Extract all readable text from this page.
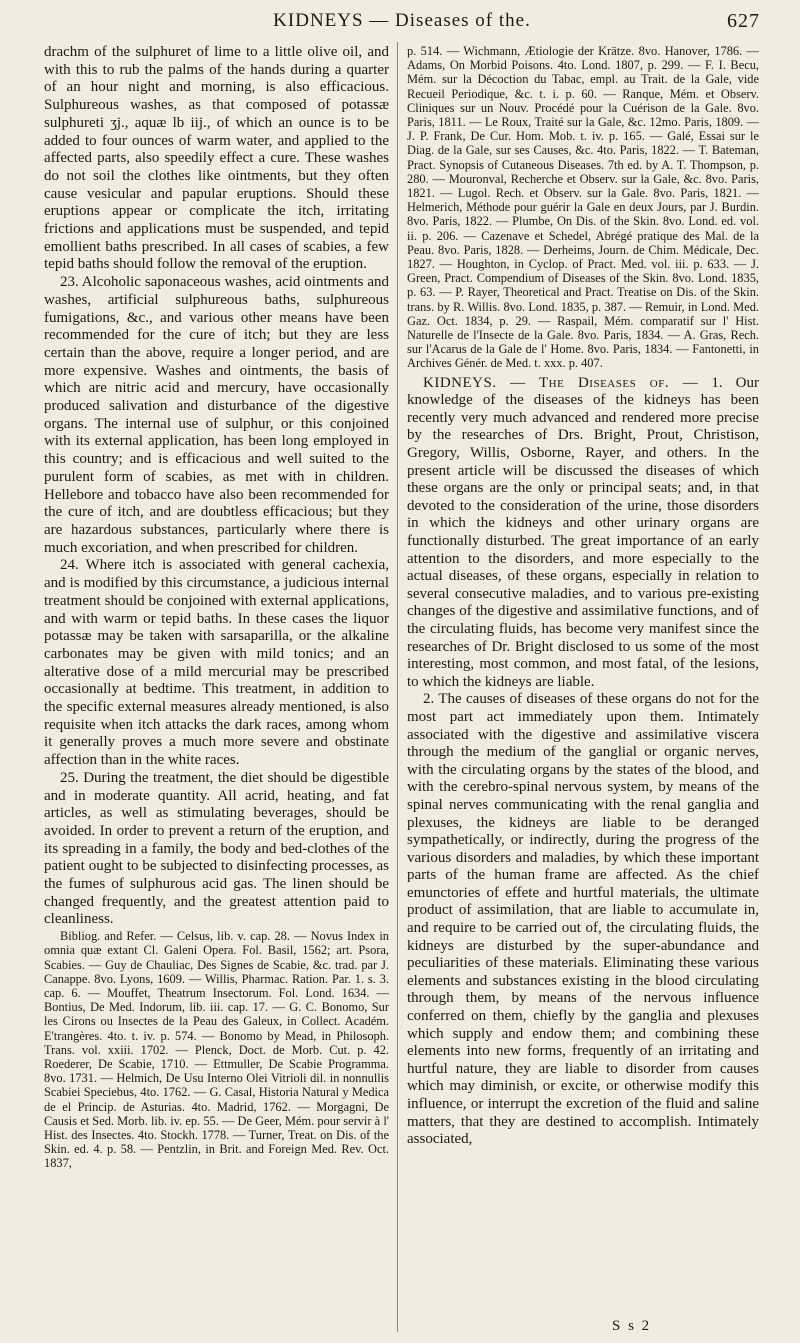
KIDNEYS — Diseases of the.	627

drachm of the sulphuret of lime to a little olive oil, and with this to rub the palms of the hands during a quarter of an hour night and morning, is also efficacious. Sulphureous washes, as that composed of potassæ sulphureti ʒj., aquæ lb iij., of which an ounce is to be added to four ounces of warm water, and applied to the affected parts, also speedily effect a cure. These washes do not soil the clothes like ointments, but they often cause vesicular and papular eruptions. Should these eruptions appear or complicate the itch, irritating frictions and applications must be suspended, and tepid emollient baths prescribed. In all cases of scabies, a few tepid baths should follow the removal of the eruption.

23. Alcoholic saponaceous washes, acid ointments and washes, artificial sulphureous baths, sulphureous fumigations, &c., and various other means have been recommended for the cure of itch; but they are less certain than the above, require a longer period, and are more expensive. Washes and ointments, the basis of which are nitric acid and mercury, have occasionally produced salivation and disturbance of the digestive organs. The internal use of sulphur, or this conjoined with its external application, has been long employed in this country; and is efficacious and well suited to the purulent form of scabies, as met with in children. Hellebore and tobacco have also been recommended for the cure of itch, and are doubtless efficacious; but they are hazardous substances, particularly where there is much excoriation, and when prescribed for children.

24. Where itch is associated with general cachexia, and is modified by this circumstance, a judicious internal treatment should be conjoined with external applications, and with warm or tepid baths. In these cases the liquor potassæ may be taken with sarsaparilla, or the alkaline carbonates may be given with mild tonics; and an alterative dose of a mild mercurial may be prescribed occasionally at bedtime. This treatment, in addition to the specific external measures already mentioned, is also requisite when itch attacks the dark races, among whom it generally proves a much more severe and obstinate affection than in the white races.

25. During the treatment, the diet should be digestible and in moderate quantity. All acrid, heating, and fat articles, as well as stimulating beverages, should be avoided. In order to prevent a return of the eruption, and its spreading in a family, the body and bed-clothes of the patient ought to be subjected to disinfecting processes, as the fumes of sulphurous acid gas. The linen should be changed frequently, and the greatest attention paid to cleanliness.

Bibliog. and Refer. — Celsus, lib. v. cap. 28. — Novus Index in omnia quæ extant Cl. Galeni Opera. Fol. Basil, 1562; art. Psora, Scabies. — Guy de Chauliac, Des Signes de Scabie, &c. trad. par J. Canappe. 8vo. Lyons, 1609. — Willis, Pharmac. Ration. Par. 1. s. 3. cap. 6. — Mouffet, Theatrum Insectorum. Fol. Lond. 1634. — Bontius, De Med. Indorum, lib. iii. cap. 17. — G. C. Bonomo, Sur les Cirons ou Insectes de la Peau des Galeux, in Collect. Académ. E'trangères. 4to. t. iv. p. 574. — Bonomo by Mead, in Philosoph. Trans. vol. xxiii. 1702. — Plenck, Doct. de Morb. Cut. p. 42. Roederer, De Scabie, 1710. — Ettmuller, De Scabie Programma. 8vo. 1731. — Helmich, De Usu Interno Olei Vitrioli dil. in nonnullis Scabiei Speciebus, 4to. 1762. — G. Casal, Historia Natural y Medica de el Princip. de Asturias. 4to. Madrid, 1762. — Morgagni, De Causis et Sed. Morb. lib. iv. ep. 55. — De Geer, Mém. pour servir à l' Hist. des Insectes. 4to. Stockh. 1778. — Turner, Treat. on Dis. of the Skin. ed. 4. p. 58. — Pentzlin, in Brit. and Foreign Med. Rev. Oct. 1837,

p. 514. — Wichmann, Ætiologie der Krätze. 8vo. Hanover, 1786. — Adams, On Morbid Poisons. 4to. Lond. 1807, p. 299. — F. I. Becu, Mém. sur la Décoction du Tabac, empl. au Trait. de la Gale, vide Recueil Periodique, &c. t. i. p. 60. — Ranque, Mém. et Observ. Cliniques sur un Nouv. Procédé pour la Cuérison de la Gale. 8vo. Paris, 1811. — Le Roux, Traité sur la Gale, &c. 12mo. Paris, 1809. — J. P. Frank, De Cur. Hom. Mob. t. iv. p. 165. — Galé, Essai sur le Diag. de la Gale, sur ses Causes, &c. 4to. Paris, 1822. — T. Bateman, Pract. Synopsis of Cutaneous Diseases. 7th ed. by A. T. Thompson, p. 280. — Mouronval, Recherche et Observ. sur la Gale, &c. 8vo. Paris, 1821. — Lugol. Rech. et Observ. sur la Gale. 8vo. Paris, 1821. — Helmerich, Méthode pour guérir la Gale en deux Jours, par J. Burdin. 8vo. Paris, 1822. — Plumbe, On Dis. of the Skin. 8vo. Lond. ed. vol. ii. p. 206. — Cazenave et Schedel, Abrégé pratique des Mal. de la Peau. 8vo. Paris, 1828. — Derheims, Journ. de Chim. Médicale, Dec. 1827. — Houghton, in Cyclop. of Pract. Med. vol. iii. p. 633. — J. Green, Pract. Compendium of Diseases of the Skin. 8vo. Lond. 1835, p. 63. — P. Rayer, Theoretical and Pract. Treatise on Dis. of the Skin. trans. by R. Willis. 8vo. Lond. 1835, p. 387. — Remuir, in Lond. Med. Gaz. Oct. 1834, p. 29. — Raspail, Mém. comparatif sur l' Hist. Naturelle de l'Insecte de la Gale. 8vo. Paris, 1834. — A. Gras, Rech. sur l'Acarus de la Gale de l' Home. 8vo. Paris, 1834. — Fantonetti, in Archives Génér. de Med. t. xxx. p. 407.

KIDNEYS. — The Diseases of. — 1. Our knowledge of the diseases of the kidneys has been recently very much advanced and rendered more precise by the researches of Drs. Bright, Prout, Christison, Gregory, Willis, Osborne, Rayer, and others. In the present article will be discussed the diseases of which these organs are the only or principal seats; and, in that devoted to the consideration of the urine, those disorders in which the kidneys and other urinary organs are functionally disturbed. The great importance of an early attention to the disorders, and more especially to the actual diseases, of these organs, especially in relation to several consecutive maladies, and to various pre-existing changes of the digestive and assimilative functions, and of the circulating fluids, has become very manifest since the researches of Dr. Bright disclosed to us some of the most interesting, most common, and most fatal, of the lesions, to which the kidneys are liable.

2. The causes of diseases of these organs do not for the most part act immediately upon them. Intimately associated with the digestive and assimilative viscera through the medium of the ganglial or organic nerves, with the circulating organs by the states of the blood, and with the cerebro-spinal nervous system, by means of the spinal nerves communicating with the renal ganglia and plexuses, the kidneys are liable to be deranged sympathetically, or indirectly, during the progress of the various disorders and maladies, by which these important parts of the human frame are affected. As the chief emunctories of effete and hurtful materials, the ultimate product of assimilation, that are liable to accumulate in, and require to be carried out of, the circulating fluids, the kidneys are disturbed by the super-abundance and peculiarities of these materials. Eliminating these various elements and substances existing in the blood circulating through them, by means of the nervous influence conferred on them, chiefly by the ganglia and plexuses which supply and endow them; and combining these elements into new forms, frequently of an irritating and hurtful nature, they are liable to disorder from causes which may diminish, or excite, or otherwise modify this influence, or interrupt the excretion of the fluid and saline matters, that they are destined to accomplish. Intimately associated,

S s 2
